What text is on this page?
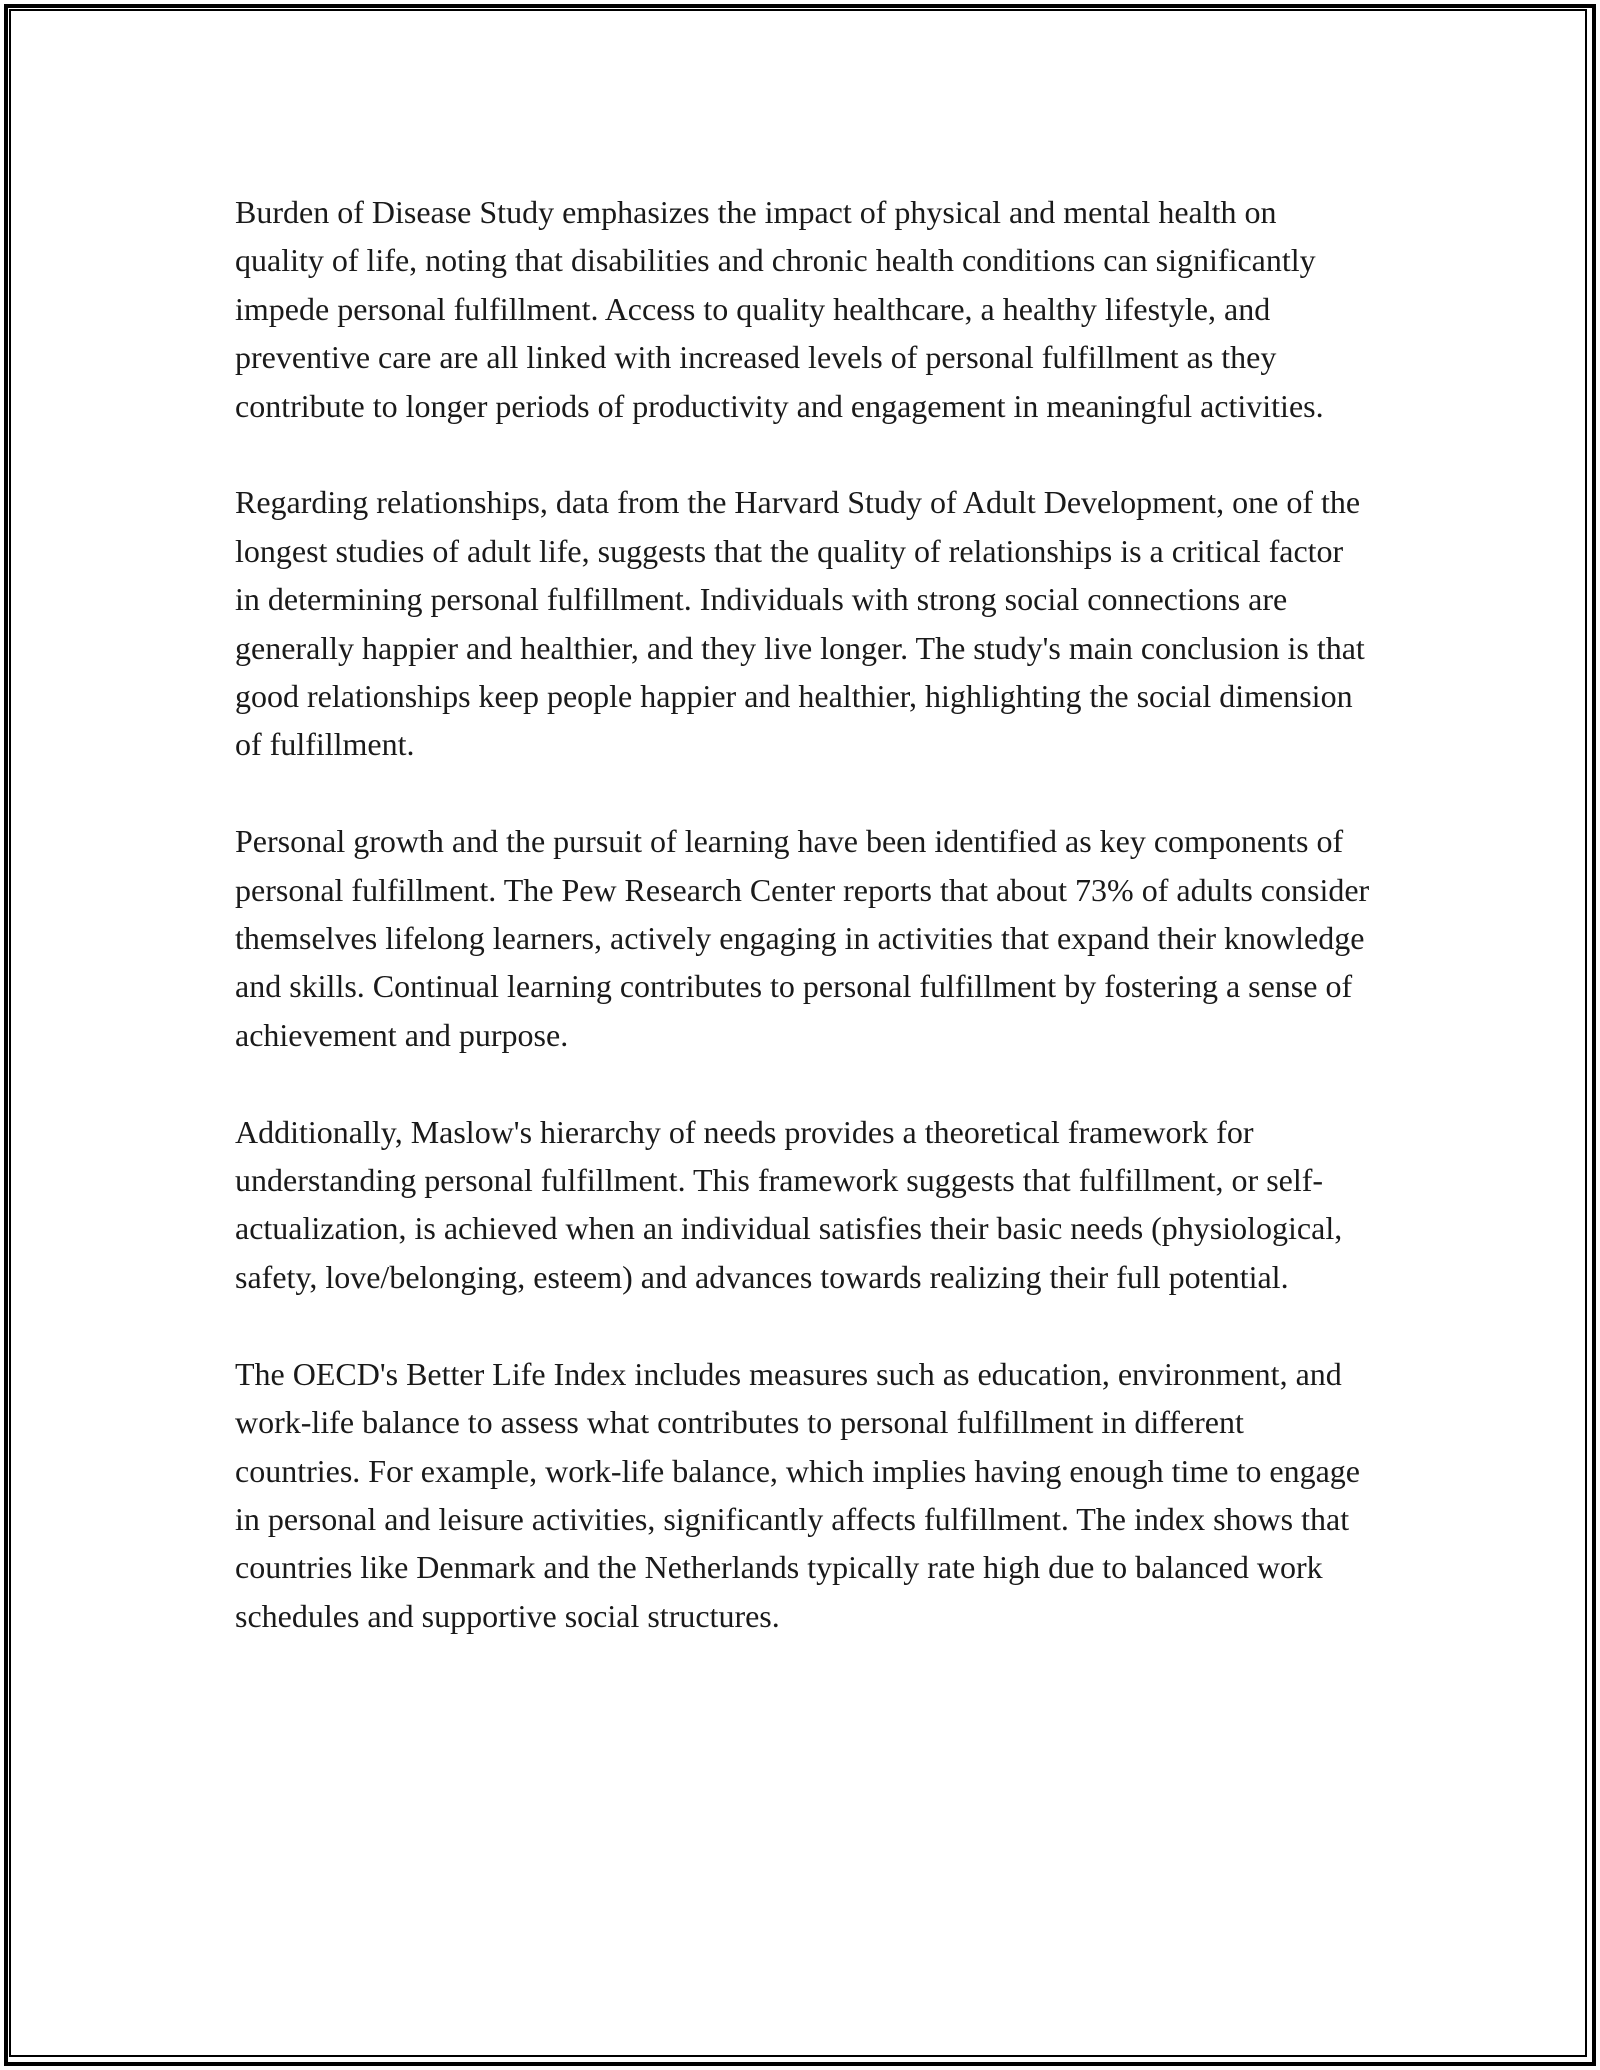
Burden of Disease Study emphasizes the impact of physical and mental health on quality of life, noting that disabilities and chronic health conditions can significantly impede personal fulfillment. Access to quality healthcare, a healthy lifestyle, and preventive care are all linked with increased levels of personal fulfillment as they contribute to longer periods of productivity and engagement in meaningful activities.

Regarding relationships, data from the Harvard Study of Adult Development, one of the longest studies of adult life, suggests that the quality of relationships is a critical factor in determining personal fulfillment. Individuals with strong social connections are generally happier and healthier, and they live longer. The study's main conclusion is that good relationships keep people happier and healthier, highlighting the social dimension of fulfillment.

Personal growth and the pursuit of learning have been identified as key components of personal fulfillment. The Pew Research Center reports that about 73% of adults consider themselves lifelong learners, actively engaging in activities that expand their knowledge and skills. Continual learning contributes to personal fulfillment by fostering a sense of achievement and purpose.

Additionally, Maslow's hierarchy of needs provides a theoretical framework for understanding personal fulfillment. This framework suggests that fulfillment, or self-actualization, is achieved when an individual satisfies their basic needs (physiological, safety, love/belonging, esteem) and advances towards realizing their full potential.

The OECD's Better Life Index includes measures such as education, environment, and work-life balance to assess what contributes to personal fulfillment in different countries. For example, work-life balance, which implies having enough time to engage in personal and leisure activities, significantly affects fulfillment. The index shows that countries like Denmark and the Netherlands typically rate high due to balanced work schedules and supportive social structures.
